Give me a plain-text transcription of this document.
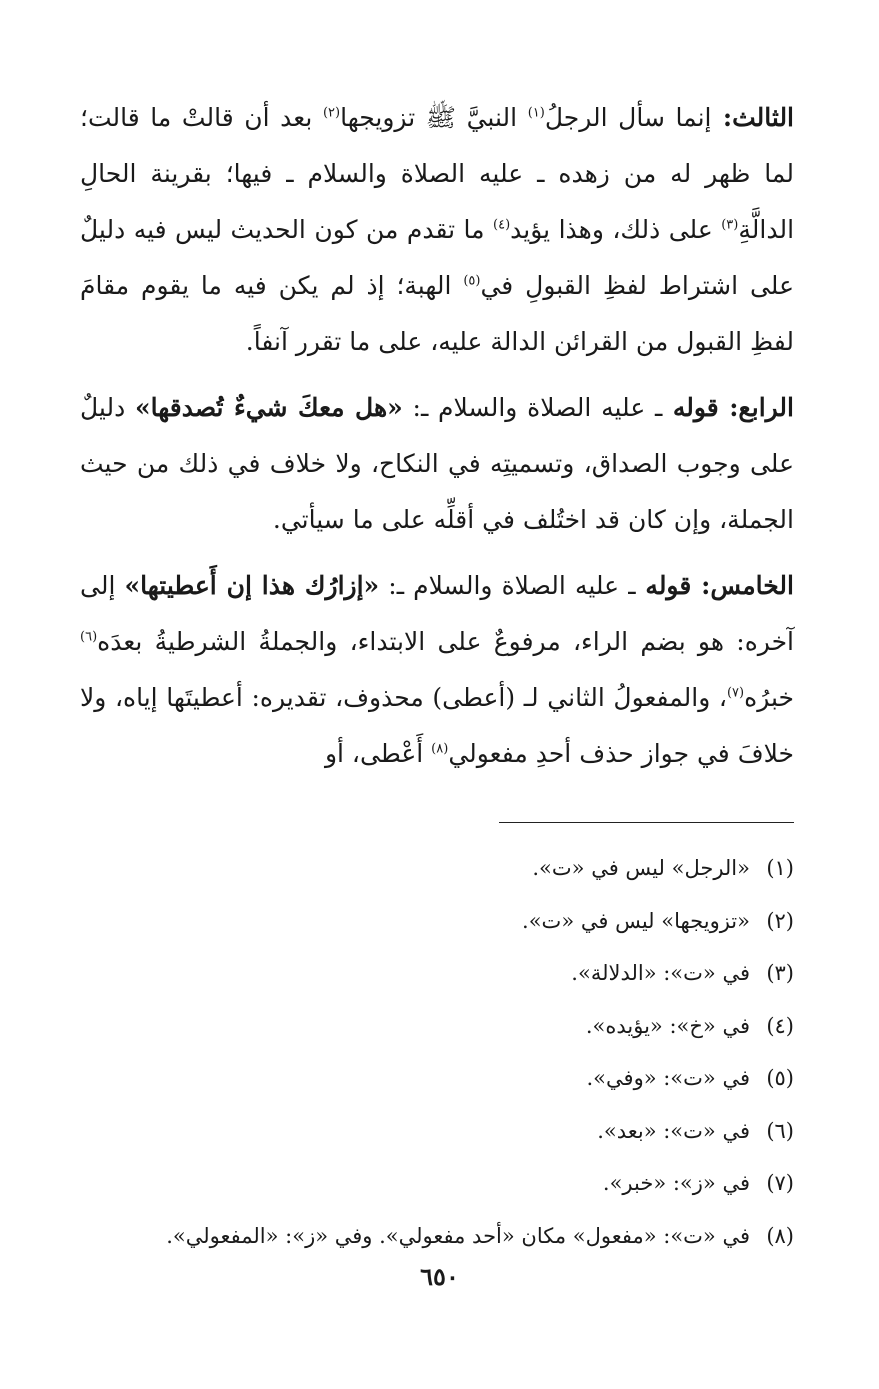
الثالث: إنما سأل الرجلُ$^{(١)}$ النبيَّ ﷺ تزويجها$^{(٢)}$ بعد أن قالتْ ما قالت؛ لما ظهر له من زهده ـ عليه الصلاة والسلام ـ فيها؛ بقرينة الحالِ الدالَّةِ$^{(٣)}$ على ذلك، وهذا يؤيد$^{(٤)}$ ما تقدم من كون الحديث ليس فيه دليلٌ على اشتراط لفظِ القبولِ في$^{(٥)}$ الهبة؛ إذ لم يكن فيه ما يقوم مقامَ لفظِ القبول من القرائن الدالة عليه، على ما تقرر آنفاً.

الرابع: قوله ـ عليه الصلاة والسلام ـ: «هل معكَ شيءٌ تُصدقها» دليلٌ على وجوب الصداق، وتسميتِه في النكاح، ولا خلاف في ذلك من حيث الجملة، وإن كان قد اختُلف في أقلِّه على ما سيأتي.

الخامس: قوله ـ عليه الصلاة والسلام ـ: «إزارُك هذا إن أَعطيتها» إلى آخره: هو بضم الراء، مرفوعٌ على الابتداء، والجملةُ الشرطيةُ بعدَه$^{(٦)}$ خبرُه$^{(٧)}$، والمفعولُ الثاني لـ (أعطى) محذوف، تقديره: أعطيتَها إياه، ولا خلافَ في جواز حذف أحدِ مفعولي$^{(٨)}$ أَعْطى، أو

(١)«الرجل» ليس في «ت».
(٢)«تزويجها» ليس في «ت».
(٣)في «ت»: «الدلالة».
(٤)في «خ»: «يؤيده».
(٥)في «ت»: «وفي».
(٦)في «ت»: «بعد».
(٧)في «ز»: «خبر».
(٨)في «ت»: «مفعول» مكان «أحد مفعولي». وفي «ز»: «المفعولي».
٦٥٠
